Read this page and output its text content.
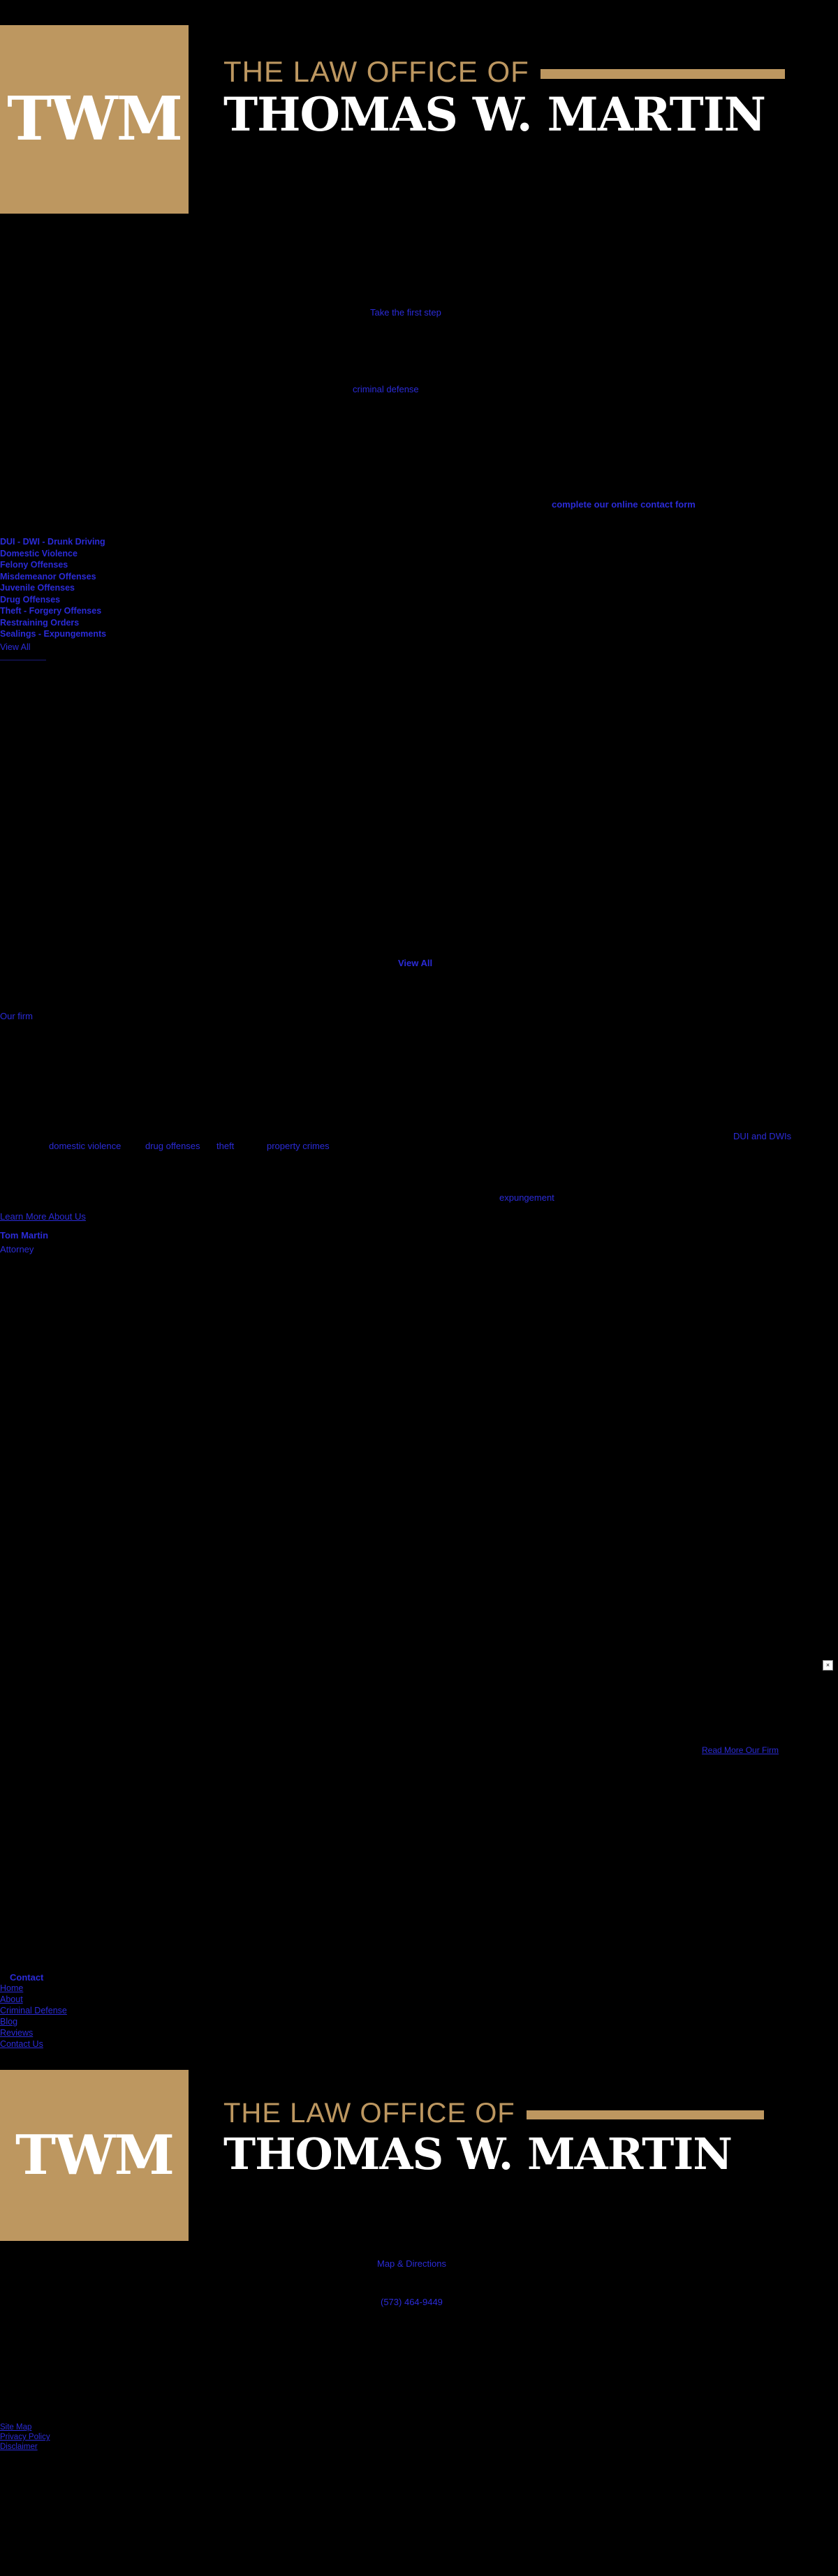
TWM
THE LAW OFFICE OF
THOMAS W. MARTIN
Take the first step
criminal defense
complete our online contact form
DUI - DWI - Drunk Driving
Domestic Violence
Felony Offenses
Misdemeanor Offenses
Juvenile Offenses
Drug Offenses
Theft - Forgery Offenses
Restraining Orders
Sealings - Expungements
View All
View All
Our firm
domestic violence	drug offenses theft	property crimes
DUI and DWIs
expungement
Learn More About Us
Tom Martin
Attorney
×
Read More Our Firm
Contact
Home
About
Criminal Defense
Blog
Reviews
Contact Us
TWM
THE LAW OFFICE OF
THOMAS W. MARTIN
Map & Directions
(573) 464-9449
Site Map
Privacy Policy
Disclaimer
